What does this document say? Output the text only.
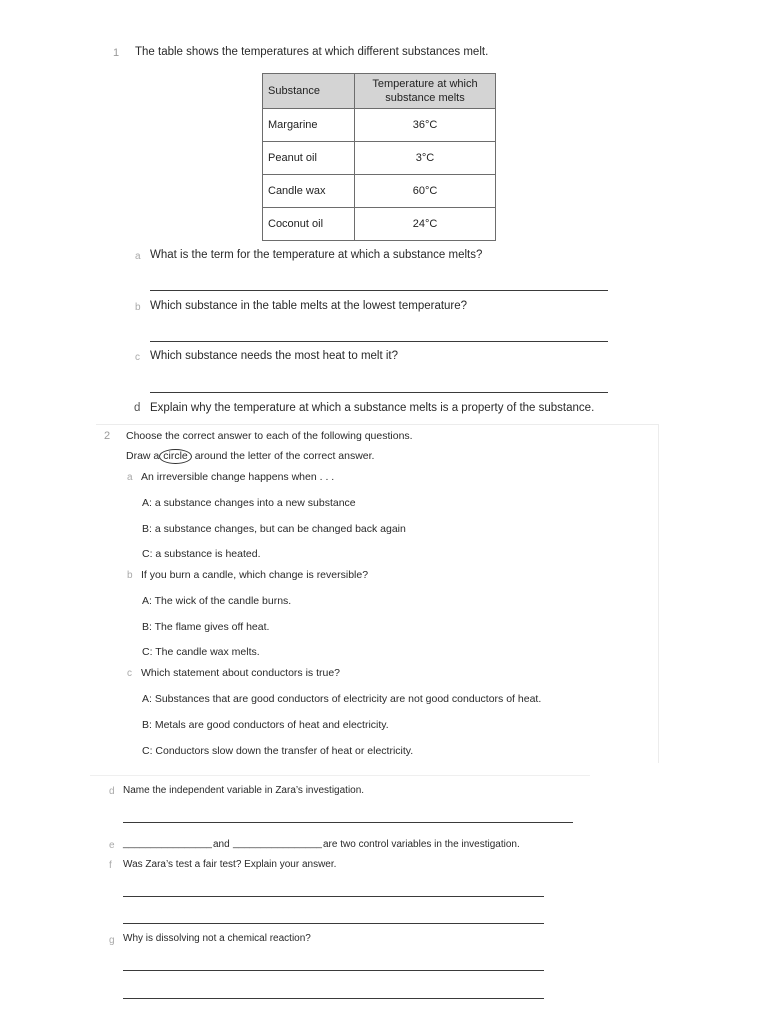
1 The table shows the temperatures at which different substances melt.
Substance	Temperature at which substance melts
Margarine	36°C
Peanut oil	3°C
Candle wax	60°C
Coconut oil	24°C
a What is the term for the temperature at which a substance melts?
b Which substance in the table melts at the lowest temperature?
c Which substance needs the most heat to melt it?
d Explain why the temperature at which a substance melts is a property of the substance.
2 Choose the correct answer to each of the following questions.
Draw a circle around the letter of the correct answer.
a An irreversible change happens when . . .
A: a substance changes into a new substance
B: a substance changes, but can be changed back again
C: a substance is heated.
b If you burn a candle, which change is reversible?
A: The wick of the candle burns.
B: The flame gives off heat.
C: The candle wax melts.
c Which statement about conductors is true?
A: Substances that are good conductors of electricity are not good conductors of heat.
B: Metals are good conductors of heat and electricity.
C: Conductors slow down the transfer of heat or electricity.
d Name the independent variable in Zara’s investigation.
e ________________ and ________________ are two control variables in the investigation.
f Was Zara’s test a fair test? Explain your answer.
g Why is dissolving not a chemical reaction?
